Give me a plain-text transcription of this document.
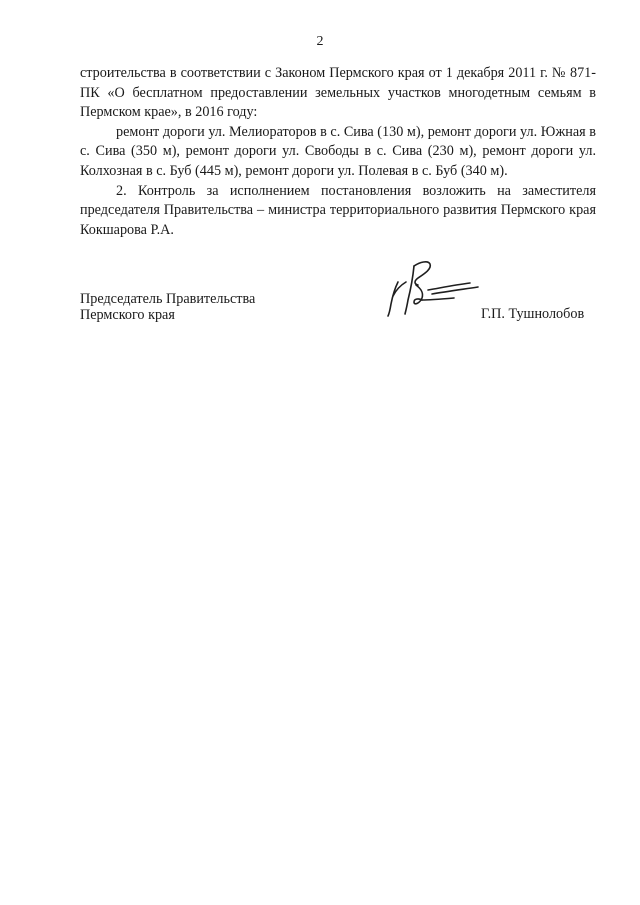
2

строительства в соответствии с Законом Пермского края от 1 декабря 2011 г. № 871-ПК «О бесплатном предоставлении земельных участков многодетным семьям в Пермском крае», в 2016 году:

ремонт дороги ул. Мелиораторов в с. Сива (130 м), ремонт дороги ул. Южная в с. Сива (350 м), ремонт дороги ул. Свободы в с. Сива (230 м), ремонт дороги ул. Колхозная в с. Буб (445 м), ремонт дороги ул. Полевая в с. Буб (340 м).

2. Контроль за исполнением постановления возложить на заместителя председателя Правительства – министра территориального развития Пермского края Кокшарова Р.А.

Председатель Правительства
Пермского края	Г.П. Тушнолобов
